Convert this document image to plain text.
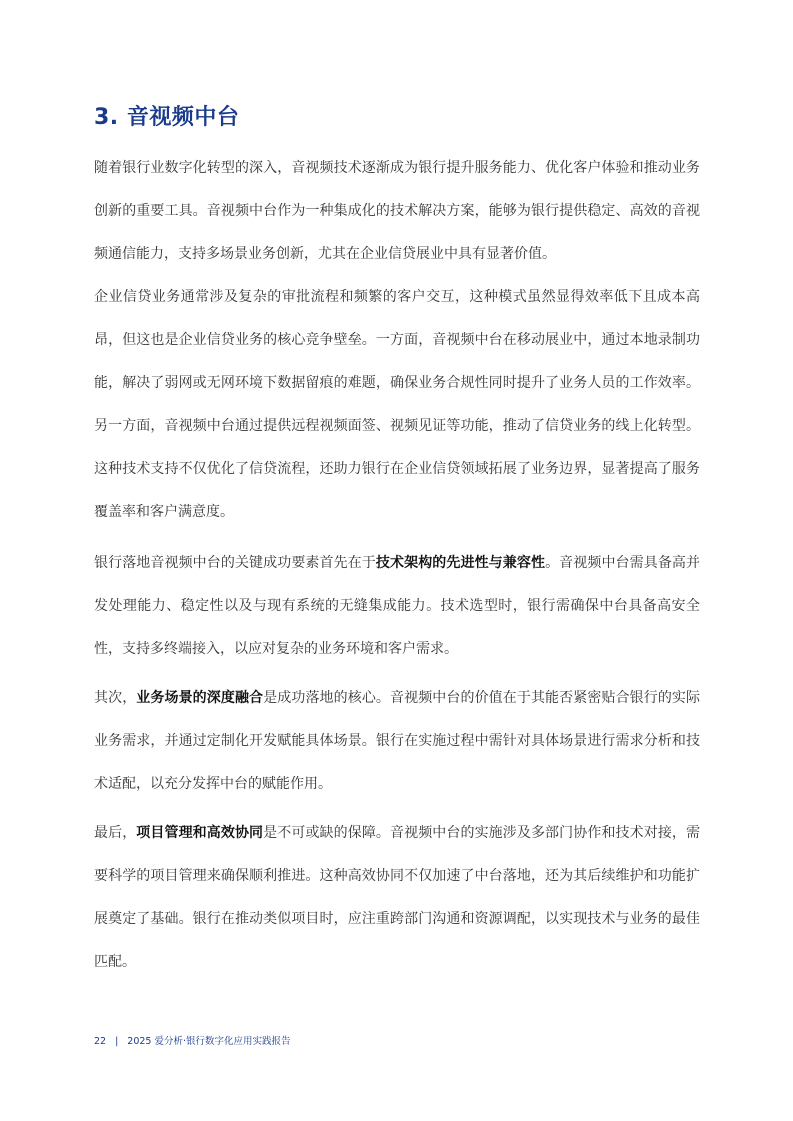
3. 音视频中台

随着银行业数字化转型的深入，音视频技术逐渐成为银行提升服务能力、优化客户体验和推动业务创新的重要工具。音视频中台作为一种集成化的技术解决方案，能够为银行提供稳定、高效的音视频通信能力，支持多场景业务创新，尤其在企业信贷展业中具有显著价值。

企业信贷业务通常涉及复杂的审批流程和频繁的客户交互，这种模式虽然显得效率低下且成本高昂，但这也是企业信贷业务的核心竞争壁垒。一方面，音视频中台在移动展业中，通过本地录制功能，解决了弱网或无网环境下数据留痕的难题，确保业务合规性同时提升了业务人员的工作效率。另一方面，音视频中台通过提供远程视频面签、视频见证等功能，推动了信贷业务的线上化转型。这种技术支持不仅优化了信贷流程，还助力银行在企业信贷领域拓展了业务边界，显著提高了服务覆盖率和客户满意度。

银行落地音视频中台的关键成功要素首先在于技术架构的先进性与兼容性。音视频中台需具备高并发处理能力、稳定性以及与现有系统的无缝集成能力。技术选型时，银行需确保中台具备高安全性，支持多终端接入，以应对复杂的业务环境和客户需求。

其次，业务场景的深度融合是成功落地的核心。音视频中台的价值在于其能否紧密贴合银行的实际业务需求，并通过定制化开发赋能具体场景。银行在实施过程中需针对具体场景进行需求分析和技术适配，以充分发挥中台的赋能作用。

最后，项目管理和高效协同是不可或缺的保障。音视频中台的实施涉及多部门协作和技术对接，需要科学的项目管理来确保顺利推进。这种高效协同不仅加速了中台落地，还为其后续维护和功能扩展奠定了基础。银行在推动类似项目时，应注重跨部门沟通和资源调配，以实现技术与业务的最佳匹配。

22 | 2025 爱分析·银行数字化应用实践报告
